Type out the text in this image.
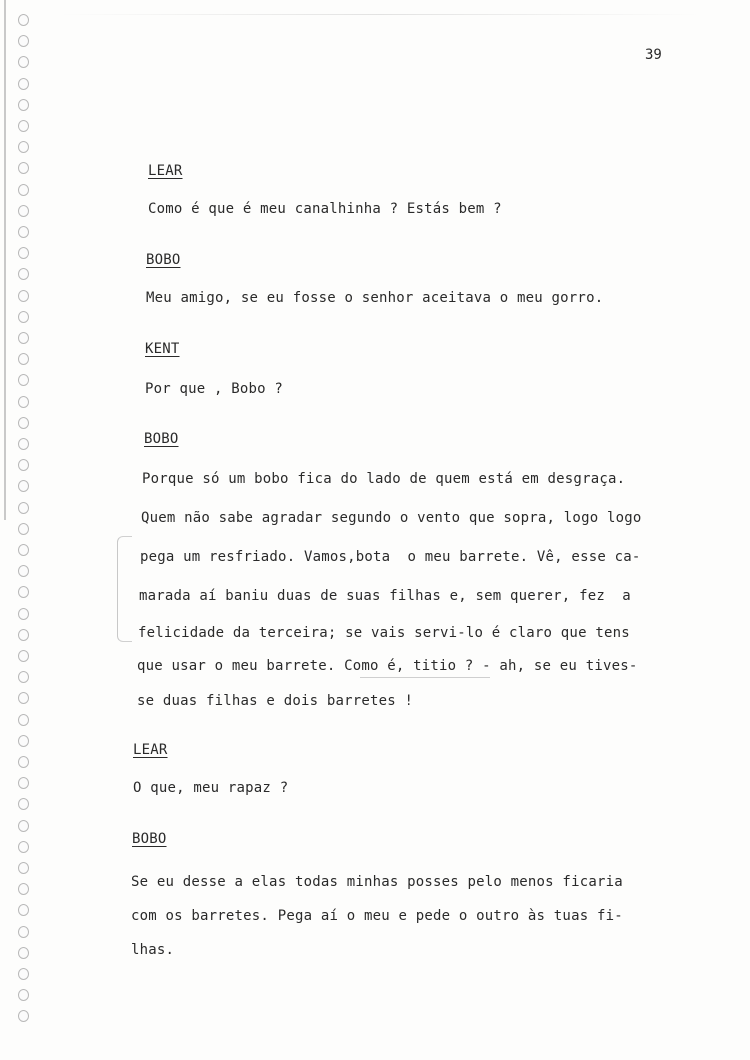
39
LEAR
Como é que é meu canalhinha ? Estás bem ?
BOBO
Meu amigo, se eu fosse o senhor aceitava o meu gorro.
KENT
Por que , Bobo ?
BOBO
Porque só um bobo fica do lado de quem está em desgraça.
Quem não sabe agradar segundo o vento que sopra, logo logo
pega um resfriado. Vamos,bota  o meu barrete. Vê, esse ca-
marada aí baniu duas de suas filhas e, sem querer, fez  a
felicidade da terceira; se vais servi-lo é claro que tens
que usar o meu barrete. Como é, titio ? - ah, se eu tives-
se duas filhas e dois barretes !
LEAR
O que, meu rapaz ?
BOBO
Se eu desse a elas todas minhas posses pelo menos ficaria
com os barretes. Pega aí o meu e pede o outro às tuas fi-
lhas.
